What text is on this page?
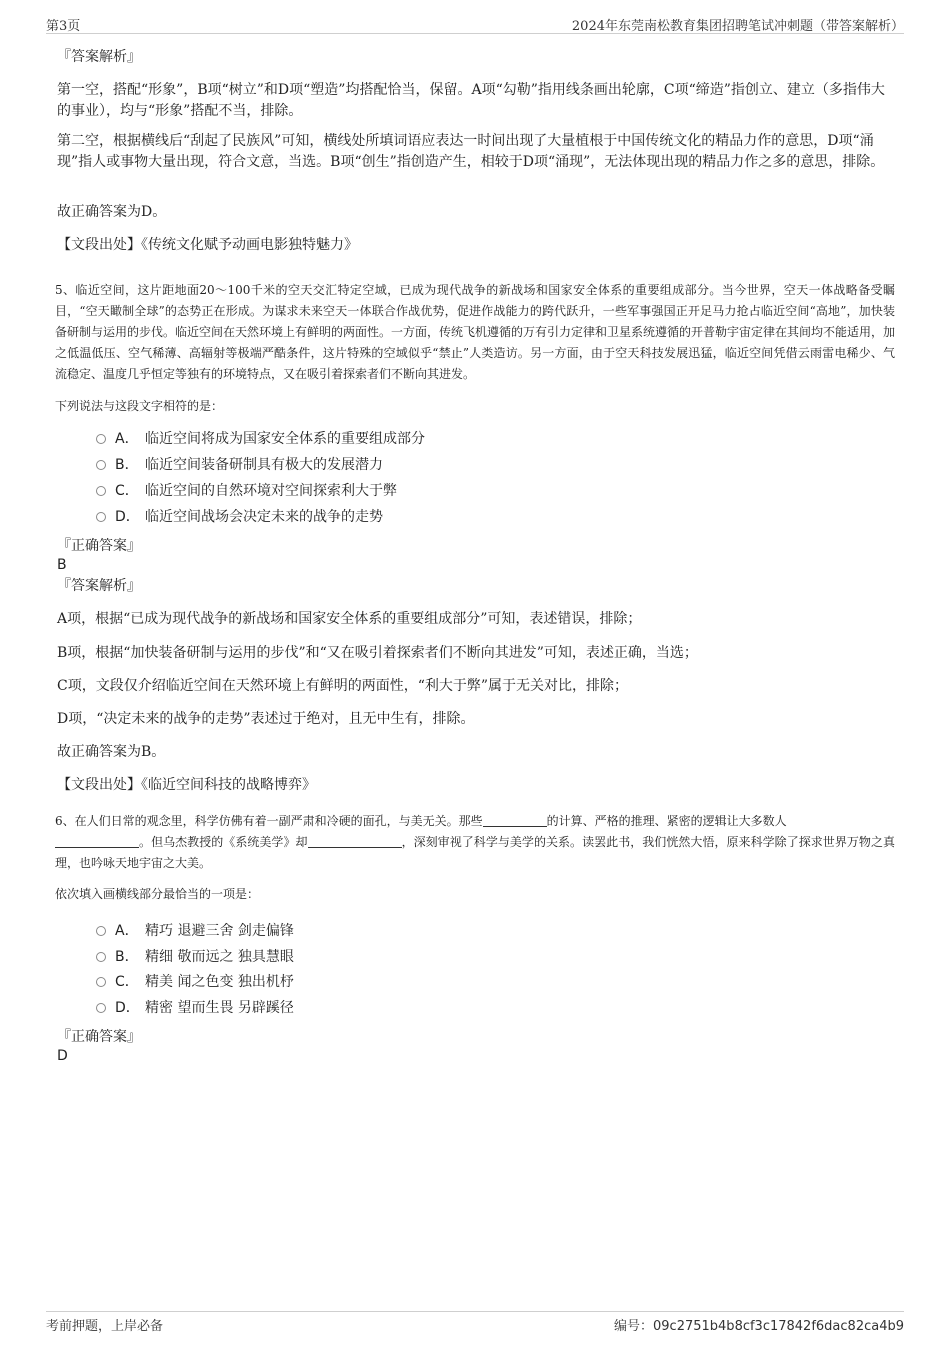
第3页	2024年东莞南松教育集团招聘笔试冲刺题（带答案解析）
『答案解析』
第一空，搭配“形象”，B项“树立”和D项“塑造”均搭配恰当，保留。A项“勾勒”指用线条画出轮廓，C项“缔造”指创立、建立（多指伟大的事业），均与“形象”搭配不当，排除。
第二空，根据横线后“刮起了民族风”可知，横线处所填词语应表达一时间出现了大量植根于中国传统文化的精品力作的意思，D项“涌现”指人或事物大量出现，符合文意，当选。B项“创生”指创造产生，相较于D项“涌现”，无法体现出现的精品力作之多的意思，排除。
故正确答案为D。
【文段出处】《传统文化赋予动画电影独特魅力》
5、临近空间，这片距地面20～100千米的空天交汇特定空域，已成为现代战争的新战场和国家安全体系的重要组成部分。当今世界，空天一体战略备受瞩目，“空天瞰制全球”的态势正在形成。为谋求未来空天一体联合作战优势，促进作战能力的跨代跃升，一些军事强国正开足马力抢占临近空间“高地”，加快装备研制与运用的步伐。临近空间在天然环境上有鲜明的两面性。一方面，传统飞机遵循的万有引力定律和卫星系统遵循的开普勒宇宙定律在其间均不能适用，加之低温低压、空气稀薄、高辐射等极端严酷条件，这片特殊的空域似乎“禁止”人类造访。另一方面，由于空天科技发展迅猛，临近空间凭借云雨雷电稀少、气流稳定、温度几乎恒定等独有的环境特点，又在吸引着探索者们不断向其进发。
下列说法与这段文字相符的是：
A． 临近空间将成为国家安全体系的重要组成部分
B． 临近空间装备研制具有极大的发展潜力
C． 临近空间的自然环境对空间探索利大于弊
D． 临近空间战场会决定未来的战争的走势
『正确答案』
B
『答案解析』
A项，根据“已成为现代战争的新战场和国家安全体系的重要组成部分”可知，表述错误，排除；
B项，根据“加快装备研制与运用的步伐”和“又在吸引着探索者们不断向其进发”可知，表述正确，当选；
C项，文段仅介绍临近空间在天然环境上有鲜明的两面性，“利大于弊”属于无关对比，排除；
D项，“决定未来的战争的走势”表述过于绝对，且无中生有，排除。
故正确答案为B。
【文段出处】《临近空间科技的战略博弈》
6、在人们日常的观念里，科学仿佛有着一副严肃和冷硬的面孔，与美无关。那些	的计算、严格的推理、紧密的逻辑让大多数人
。但乌杰教授的《系统美学》却	，深刻审视了科学与美学的关系。读罢此书，我们恍然大悟，原来科学除了探求世界万物之真理，也吟咏天地宇宙之大美。
依次填入画横线部分最恰当的一项是：
A． 精巧 退避三舍 剑走偏锋
B． 精细 敬而远之 独具慧眼
C． 精美 闻之色变 独出机杼
D． 精密 望而生畏 另辟蹊径
『正确答案』
D
考前押题，上岸必备	编号：09c2751b4b8cf3c17842f6dac82ca4b9
